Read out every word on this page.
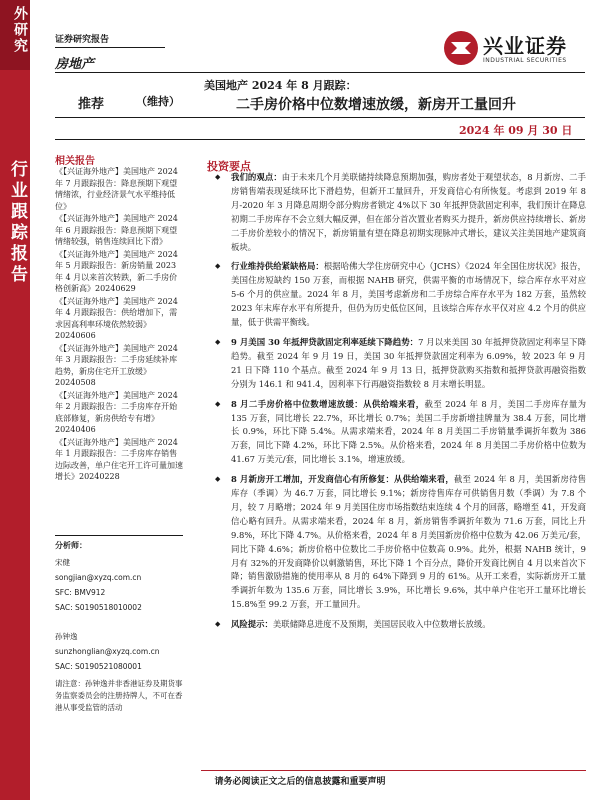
外研究
行业跟踪报告
证券研究报告
房地产
兴业证券
INDUSTRIAL SECURITIES
推荐	（维持）
美国地产 2024 年 8 月跟踪：
二手房价格中位数增速放缓，新房开工量回升
2024 年 09 月 30 日
相关报告
《 【兴证海外地产】美国地产 2024 年 7 月跟踪报告：降息预期下观望情绪浓，行业经济景气水平维持低位》
《 【兴证海外地产】美国地产 2024 年 6 月跟踪报告：降息预期下观望情绪较强，销售连续回比下滑》
《 【兴证海外地产】美国地产 2024 年 5 月跟踪报告：新房销量 2023 年 4 月以来首次转跌，新二手房价格创新高》20240629
《 【兴证海外地产】美国地产 2024 年 4 月跟踪报告：供给增加下，需求因高利率环境依然较弱》20240606
《 【兴证海外地产】美国地产 2024 年 3 月跟踪报告：二手房延续补库趋势，新房住宅开工放缓》20240508
《 【兴证海外地产】美国地产 2024 年 2 月跟踪报告：二手房库存开始底部修复，新房供给专有增》20240406
《 【兴证海外地产】美国地产 2024 年 1 月跟踪报告：二手房库存销售边际改善，单户住宅开工许可量加速增长》20240228
分析师：
宋健
songjian@xyzq.com.cn
SFC: BMV912
SAC: S0190518010002
孙钟逸
sunzhonglian@xyzq.com.cn
SAC: S0190521080001
请注意：孙钟逸并非香港证券及期货事务监察委员会的注册持牌人，不可在香港从事受监管的活动
投资要点
◆ 我们的观点：由于未来几个月美联储持续降息预期加强，购房者处于观望状态，8 月新房、二手房销售端表现延续环比下滑趋势，但新开工量回升，开发商信心有所恢复。考虑到 2019 年 8 月-2020 年 3 月降息周期令部分购房者锁定 4%以下 30 年抵押贷款固定利率，我们预计在降息初期二手房库存不会立刻大幅反弹，但在部分首次置业者购买力提升，新房供应持续增长、新房二手房价差较小的情况下，新房销量有望在降息初期实现脉冲式增长，建议关注美国地产建筑商板块。
◆ 行业维持供给紧缺格局：根据哈佛大学住房研究中心（JCHS）《2024 年全国住房状况》报告，美国住房短缺约 150 万套，而根据 NAHB 研究，供需平衡的市场情况下，综合库存水平对应 5-6 个月的供应量。2024 年 8 月，美国考虑新房和二手房综合库存水平为 182 万套，虽然较 2023 年末库存水平有所提升，但仍为历史低位区间，且该综合库存水平仅对应 4.2 个月的供应量，低于供需平衡线。
◆ 9 月美国 30 年抵押贷款固定利率延续下降趋势：7 月以来美国 30 年抵押贷款固定利率呈下降趋势。截至 2024 年 9 月 19 日，美国 30 年抵押贷款固定利率为 6.09%，较 2023 年 9 月 21 日下降 110 个基点。截至 2024 年 9 月 13 日，抵押贷款购买指数和抵押贷款再融资指数分别为 146.1 和 941.4，因利率下行再融资指数较 8 月末增长明显。
◆ 8 月二手房价格中位数增速放缓：从供给端来看，截至 2024 年 8 月，美国二手房库存量为 135 万套，同比增长 22.7%，环比增长 0.7%；美国二手房新增挂牌量为 38.4 万套，同比增长 0.9%，环比下降 5.4%。从需求端来看，2024 年 8 月美国二手房销量季调折年数为 386 万套，同比下降 4.2%，环比下降 2.5%。从价格来看，2024 年 8 月美国二手房价格中位数为 41.67 万美元/套，同比增长 3.1%，增速放缓。
◆ 8 月新房开工增加，开发商信心有所修复：从供给端来看，截至 2024 年 8 月，美国新房待售库存（季调）为 46.7 万套，同比增长 9.1%；新房待售库存可供销售月数（季调）为 7.8 个月，较 7 月略增；2024 年 9 月美国住房市场指数结束连续 4 个月的回落，略增至 41，开发商信心略有回升。从需求端来看，2024 年 8 月，新房销售季调折年数为 71.6 万套，同比上升 9.8%，环比下降 4.7%。从价格来看，2024 年 8 月美国新房价格中位数为 42.06 万美元/套，同比下降 4.6%；新房价格中位数比二手房价格中位数高 0.9%。此外，根据 NAHB 统计，9 月有 32%的开发商降价以刺激销售，环比下降 1 个百分点，降价开发商比例自 4 月以来首次下降；销售激励措施的使用率从 8 月的 64%下降到 9 月的 61%。从开工来看，实际新房开工量季调折年数为 135.6 万套，同比增长 3.9%，环比增长 9.6%，其中单户住宅开工量环比增长 15.8%至 99.2 万套，开工量回升。
◆ 风险提示：美联储降息进度不及预期，美国居民收入中位数增长放缓。
请务必阅读正文之后的信息披露和重要声明
